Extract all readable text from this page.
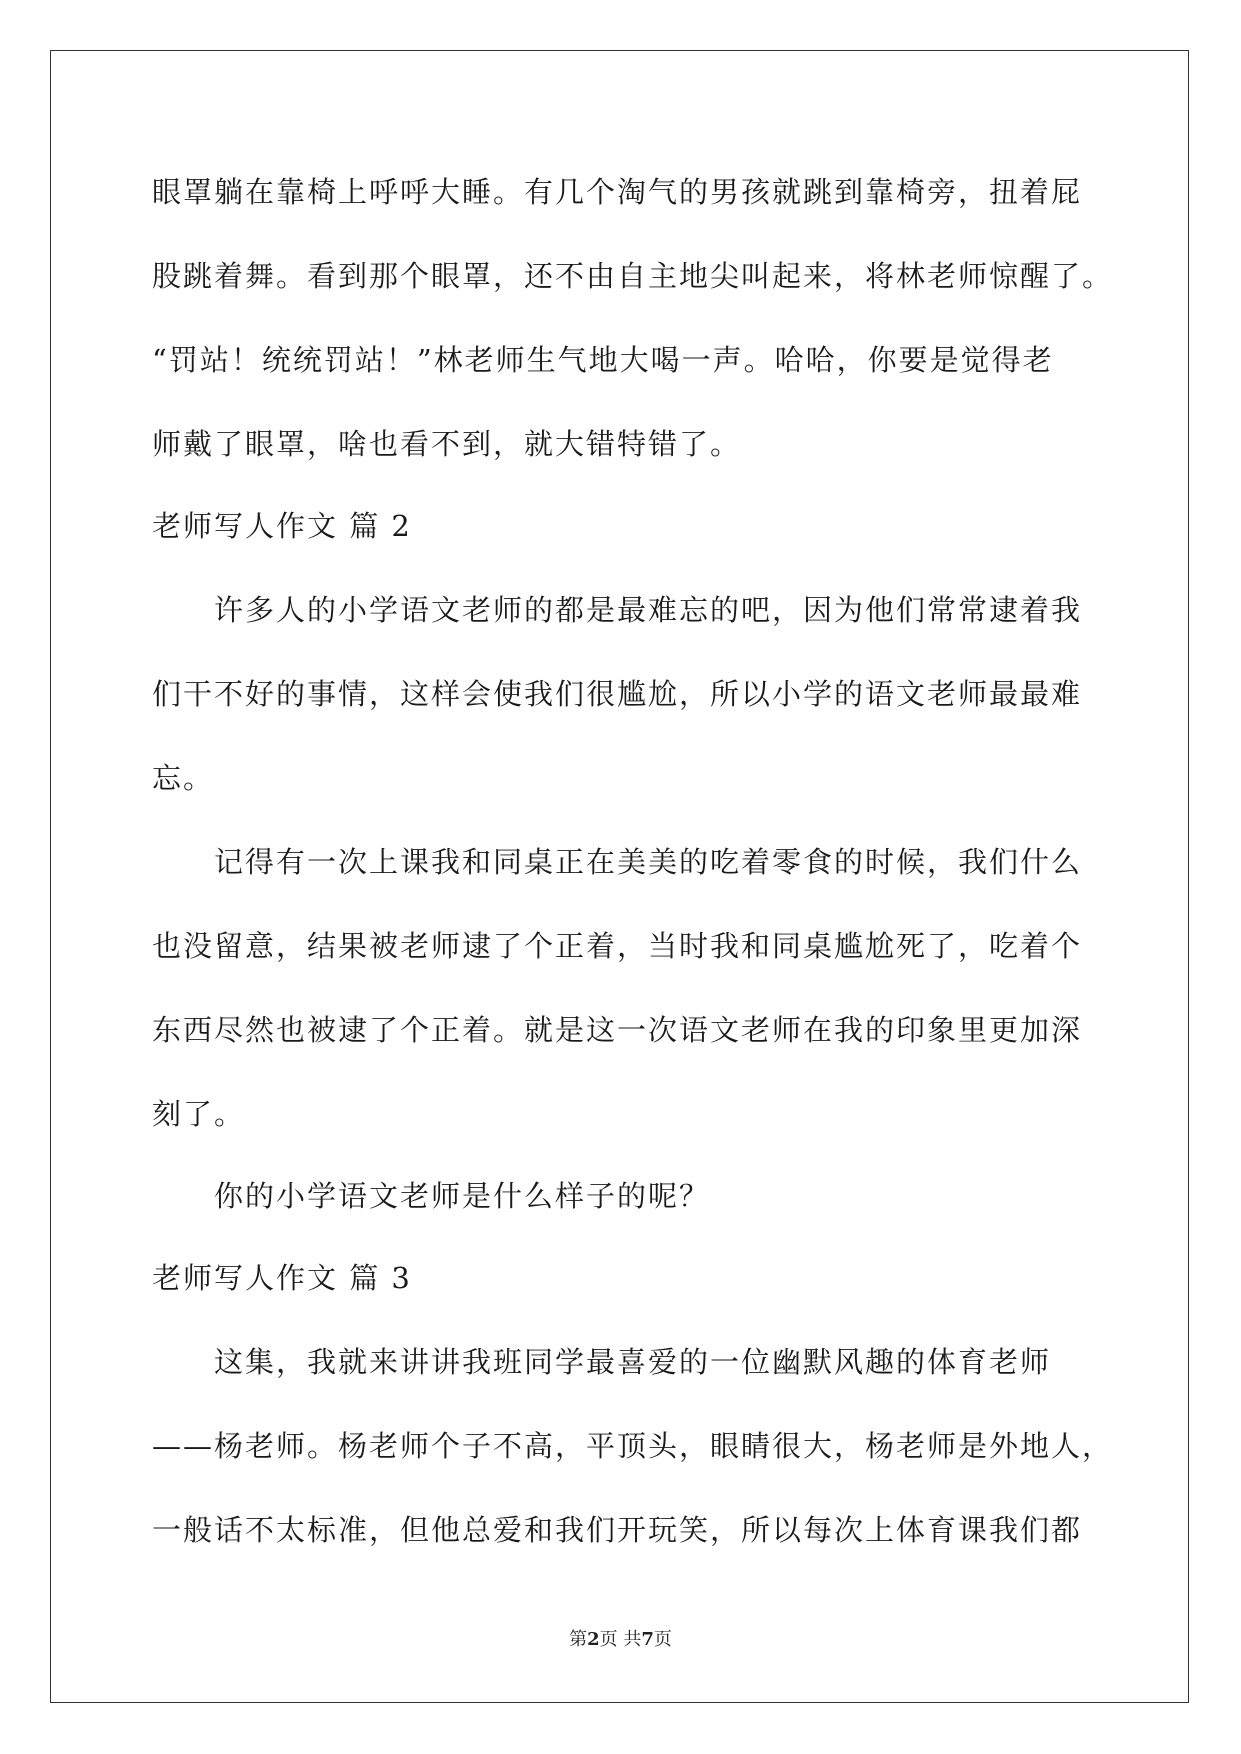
眼罩躺在靠椅上呼呼大睡。有几个淘气的男孩就跳到靠椅旁，扭着屁
股跳着舞。看到那个眼罩，还不由自主地尖叫起来，将林老师惊醒了。
“罚站！统统罚站！”林老师生气地大喝一声。哈哈，你要是觉得老
师戴了眼罩，啥也看不到，就大错特错了。
老师写人作文 篇 2
许多人的小学语文老师的都是最难忘的吧，因为他们常常逮着我
们干不好的事情，这样会使我们很尴尬，所以小学的语文老师最最难
忘。
记得有一次上课我和同桌正在美美的吃着零食的时候，我们什么
也没留意，结果被老师逮了个正着，当时我和同桌尴尬死了，吃着个
东西尽然也被逮了个正着。就是这一次语文老师在我的印象里更加深
刻了。
你的小学语文老师是什么样子的呢？
老师写人作文 篇 3
这集，我就来讲讲我班同学最喜爱的一位幽默风趣的体育老师
——杨老师。杨老师个子不高，平顶头，眼睛很大，杨老师是外地人，
一般话不太标准，但他总爱和我们开玩笑，所以每次上体育课我们都
第2页 共7页
